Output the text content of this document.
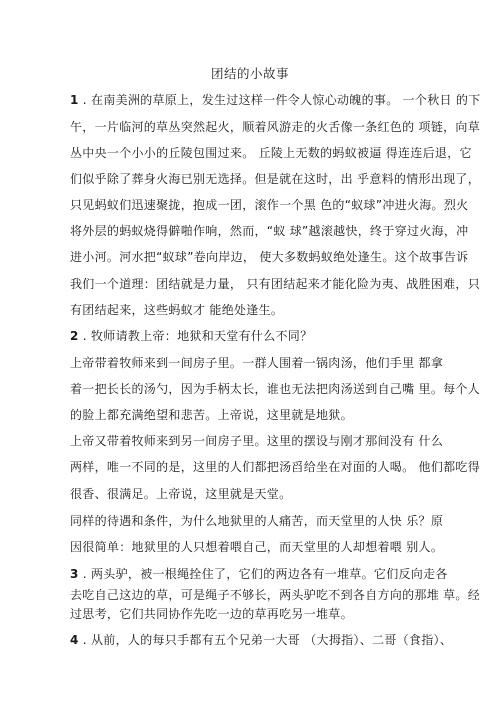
团结的小故事
1 . 在南美洲的草原上，发生过这样一件令人惊心动魄的事。 一个秋日 的下
午，一片临河的草丛突然起火，顺着风游走的火舌像一条红色的 项链，向草
丛中央一个小小的丘陵包围过来。 丘陵上无数的蚂蚁被逼 得连连后退，它
们似乎除了葬身火海已别无选择。但是就在这时，出 乎意料的情形出现了，
只见蚂蚁们迅速聚拢，抱成一团，滚作一个黑 色的“蚁球”冲进火海。烈火
将外层的蚂蚁烧得僻啪作响，然而，“蚁 球”越滚越快，终于穿过火海，冲
进小河。河水把“蚁球”卷向岸边， 使大多数蚂蚁绝处逢生。这个故事告诉
我们一个道理：团结就是力量， 只有团结起来才能化险为夷、战胜困难，只
有团结起来，这些蚂蚁才 能绝处逢生。
2 . 牧师请教上帝：地狱和天堂有什么不同？
上帝带着牧师来到一间房子里。一群人围着一锅肉汤，他们手里 都拿
着一把长长的汤勺，因为手柄太长，谁也无法把肉汤送到自己嘴 里。每个人
的脸上都充满绝望和悲苦。上帝说，这里就是地狱。
上帝又带着牧师来到另一间房子里。这里的摆设与刚才那间没有 什么
两样，唯一不同的是，这里的人们都把汤舀给坐在对面的人喝。 他们都吃得
很香、很满足。上帝说，这里就是天堂。
同样的待遇和条件，为什么地狱里的人痛苦，而天堂里的人快 乐？原
因很简单：地狱里的人只想着喂自己，而天堂里的人却想着喂 别人。
3 . 两头驴，被一根绳拴住了，它们的两边各有一堆草。它们反向走各
去吃自己这边的草，可是绳子不够长，两头驴吃不到各自方向的那堆 草。经
过思考，它们共同协作先吃一边的草再吃另一堆草。
4 . 从前，人的每只手都有五个兄弟一大哥 （大拇指）、二哥（食指）、
